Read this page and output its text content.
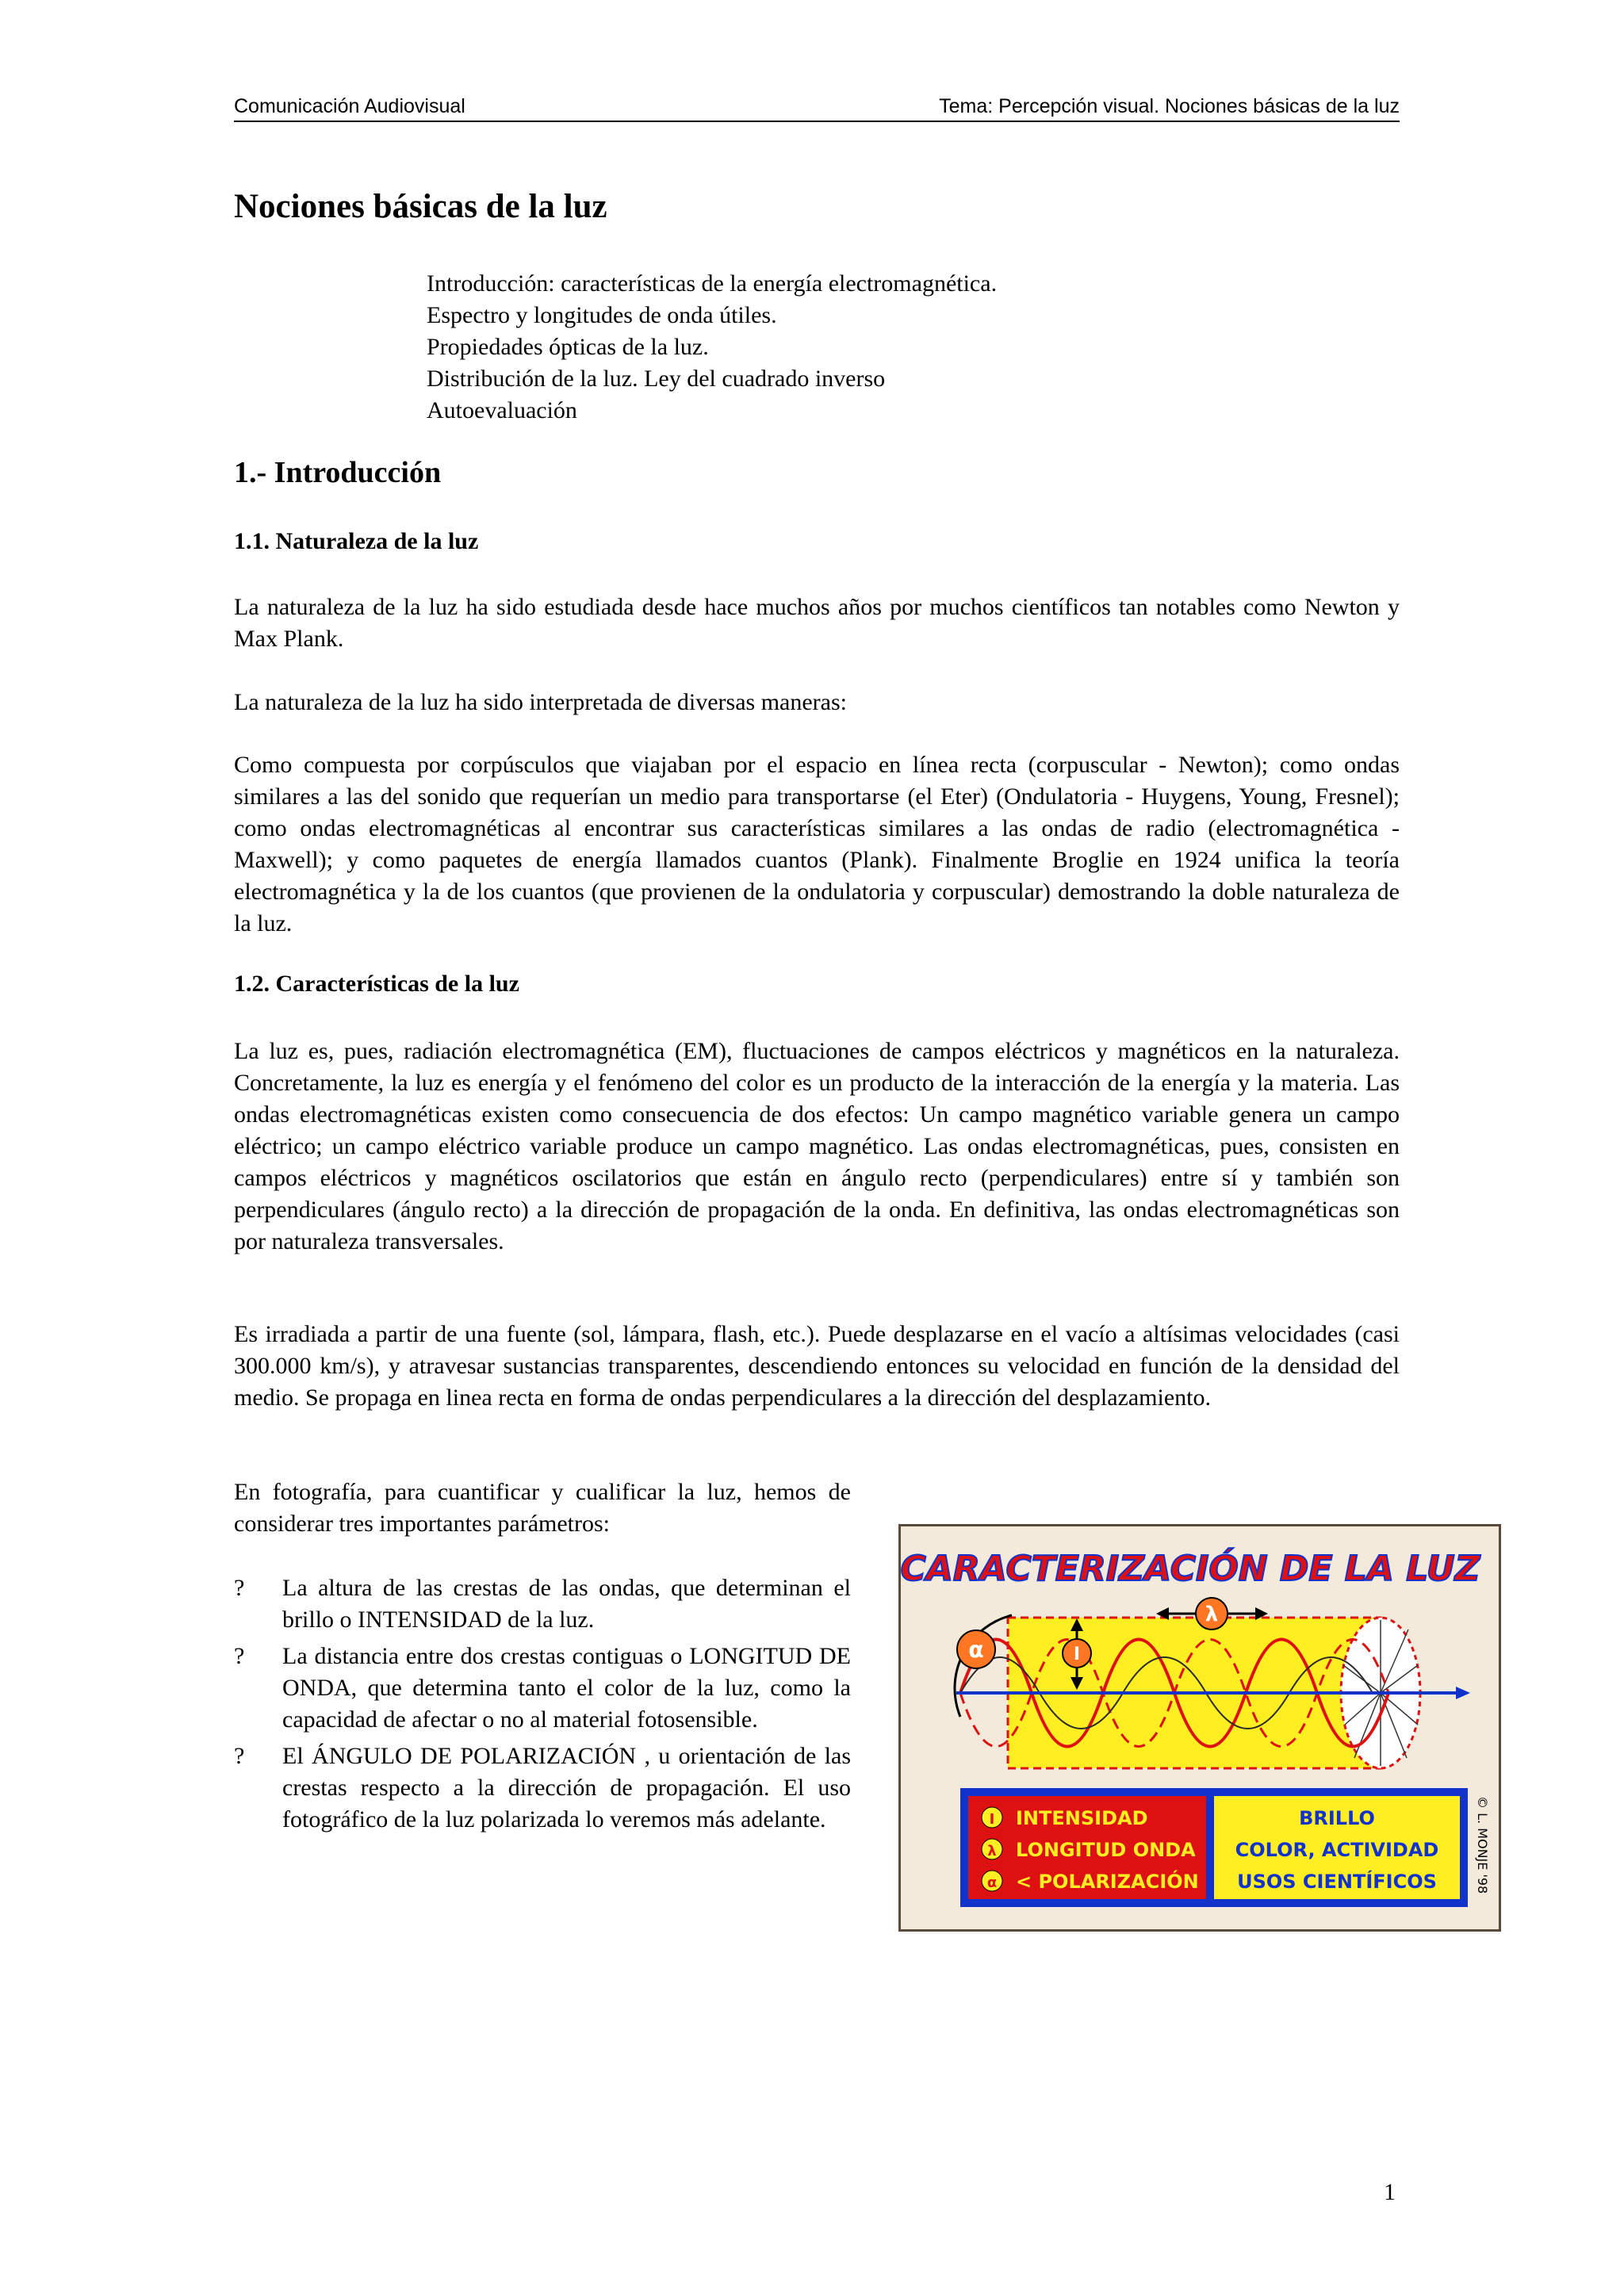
Comunicación Audiovisual	Tema: Percepción visual. Nociones básicas de la luz
Nociones básicas de la luz
Introducción: características de la energía electromagnética.
Espectro y longitudes de onda útiles.
Propiedades ópticas de la luz.
Distribución de la luz. Ley del cuadrado inverso
Autoevaluación
1.- Introducción
1.1. Naturaleza de la luz

La naturaleza de la luz ha sido estudiada desde hace muchos años por muchos científicos tan notables como Newton y Max Plank.

La naturaleza de la luz ha sido interpretada de diversas maneras:

Como compuesta por corpúsculos que viajaban por el espacio en línea recta (corpuscular - Newton); como ondas similares a las del sonido que requerían un medio para transportarse (el Eter) (Ondulatoria - Huygens, Young, Fresnel); como ondas electromagnéticas al encontrar sus características similares a las ondas de radio (electromagnética - Maxwell); y como paquetes de energía llamados cuantos (Plank). Finalmente Broglie en 1924 unifica la teoría electromagnética y la de los cuantos (que provienen de la ondulatoria y corpuscular) demostrando la doble naturaleza de la luz.

1.2. Características de la luz

La luz es, pues, radiación electromagnética (EM), fluctuaciones de campos eléctricos y magnéticos en la naturaleza. Concretamente, la luz es energía y el fenómeno del color es un producto de la interacción de la energía y la materia. Las ondas electromagnéticas existen como consecuencia de dos efectos: Un campo magnético variable genera un campo eléctrico; un campo eléctrico variable produce un campo magnético. Las ondas electromagnéticas, pues, consisten en campos eléctricos y magnéticos oscilatorios que están en ángulo recto (perpendiculares) entre sí y también son perpendiculares (ángulo recto) a la dirección de propagación de la onda. En definitiva, las ondas electromagnéticas son por naturaleza transversales.

Es irradiada a partir de una fuente (sol, lámpara, flash, etc.). Puede desplazarse en el vacío a altísimas velocidades (casi 300.000 km/s), y atravesar sustancias transparentes, descendiendo entonces su velocidad en función de la densidad del medio. Se propaga en linea recta en forma de ondas perpendiculares a la dirección del desplazamiento.

En fotografía, para cuantificar y cualificar la luz, hemos de considerar tres importantes parámetros:

? La altura de las crestas de las ondas, que determinan el brillo o INTENSIDAD de la luz.
? La distancia entre dos crestas contiguas o LONGITUD DE ONDA, que determina tanto el color de la luz, como la capacidad de afectar o no al material fotosensible.
? El ÁNGULO DE POLARIZACIÓN , u orientación de las crestas respecto a la dirección de propagación. El uso fotográfico de la luz polarizada lo veremos más adelante.
CARACTERIZACIÓN DE LA LUZ
I
λ
α
I INTENSIDAD
λ LONGITUD ONDA
α < POLARIZACIÓN
BRILLO
COLOR, ACTIVIDAD
USOS CIENTÍFICOS	© L. MONJE '98
1
